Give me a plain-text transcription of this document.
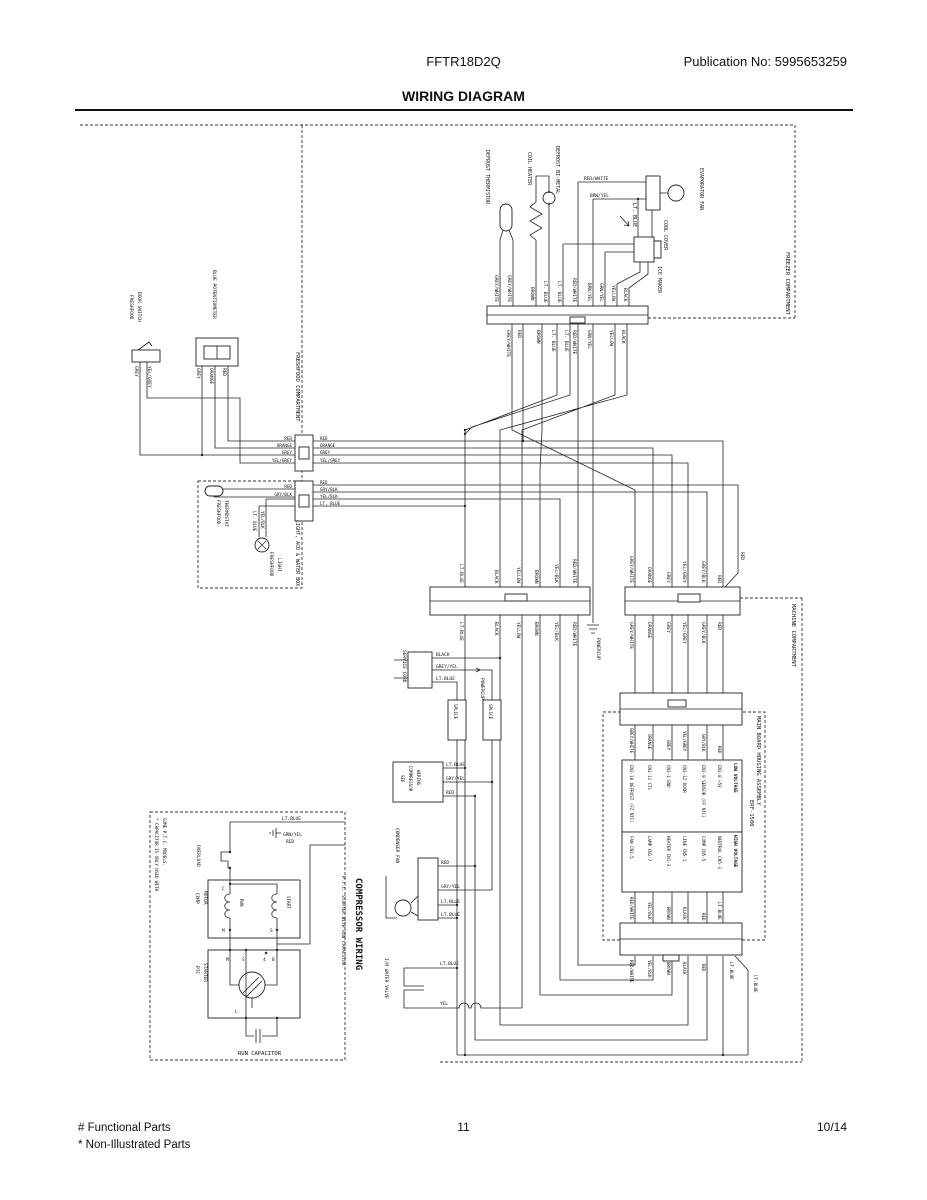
FFTR18D2Q	Publication No: 5995653259
WIRING DIAGRAM
FREEZER COMPARTMENT
FRESHFOOD COMPARTMENT
MACHINE COMPARTMENT
LIGHT, ACD & WATER BOX
MAIN BOARD HOUSING ASSEMBLY
DEFROST THERMISTOR	COIL HEATER	DEFROST BI-METAL	EVAPORATOR FAN
COOL COVER
ICE MAKER
LT. BLUE
RED/WHITE
BRN/YEL
GREY/WHITE GREY/WHITE	BROWN LT. BLUE LT. BLUE RED/WHITE BRN/YEL GRN/YEL YELLOW BLACK
GREY/WHITE RED	BROWN LT. BLUE LT. BLUE RED/WHITE GRN/YEL	YELLOW BLACK
FRESHFOOD DOOR SWITCH
GREY YEL/GREY
BLUE POTENTIOMETER
GREY ORANGE RED
RED
ORANGE
GREY
YEL/GREY
RED
ORANGE
GREY
YEL/GREY
RED
GRY/BLK
RED
GRY/BLK
YEL/BLK
LT. BLUE
FRESHFOOD THERMOSTAT	LT. BLUE YEL/BLK
FRESHFOOD LIGHT	LT.BLUE	BLACK	YELLOW	BROWN	YEL/BLK	RED/WHITE
LT.BLUE	BLACK	YELLOW	BROWN	YEL/BLK	RED/WHITE
POWERCUP
POWERCUP
SERVICE CORD	BLACK
GREY/YEL
LT.BLUE
SPLICE	SPLICE
GREY/WHITE	ORANGE	GREY YEL/GREY	GREY/BLK RED
RED
GREY/WHITE	ORANGE	GREY YEL/GREY	GREY/BLK RED
SEE COMPRESSOR WIRING
LT.BLUE
GRY/YEL
RED
CONDENSER FAN
RED
GRY/YEL
LT.BLUE
LT.BLUE
I/M WATER VALVE	LT.BLUE
YEL
GREY/WHITE	ORANGE	GREY	YEL/GREY	GRY/BLK	RED
LOW VOLTAGE
CN3-10 DEFROST (FZ NTC)	CN3-11 CTL	CN3-1 GND	CN3-12 DOOR	CN3-9 SENSOR (FF NTC)	CN3-8 +5V
ERF-1500
HIGH VOLTAGE
FAN CN1-5	LAMP CN1-7	HEATER CN1-3	LINE CN5-1	COMP CN5-5	NEUTRAL CN5-3
RED/WHITE	YEL/BLK	BROWN	BLACK	RED	LT.BLUE
RED/WHITE	YEL/BLK	BROWN	BLACK	RED	LT.BLUE
LT.BLUE
* CAPACITOR IS ONLY USED WITH SOME P.T.C. MODELS.
COMPRESSOR WIRING
P.T.C. STARTER WITH RUN CAPACITOR
LT.BLUE
GRN/YEL
RED
OVERLOAD
COMP MOTOR	RUN	START
PTC STARTER
RUN CAPACITOR
C
M	S
M	S	4 B
L
# Functional Parts
* Non-Illustrated Parts
11	10/14
